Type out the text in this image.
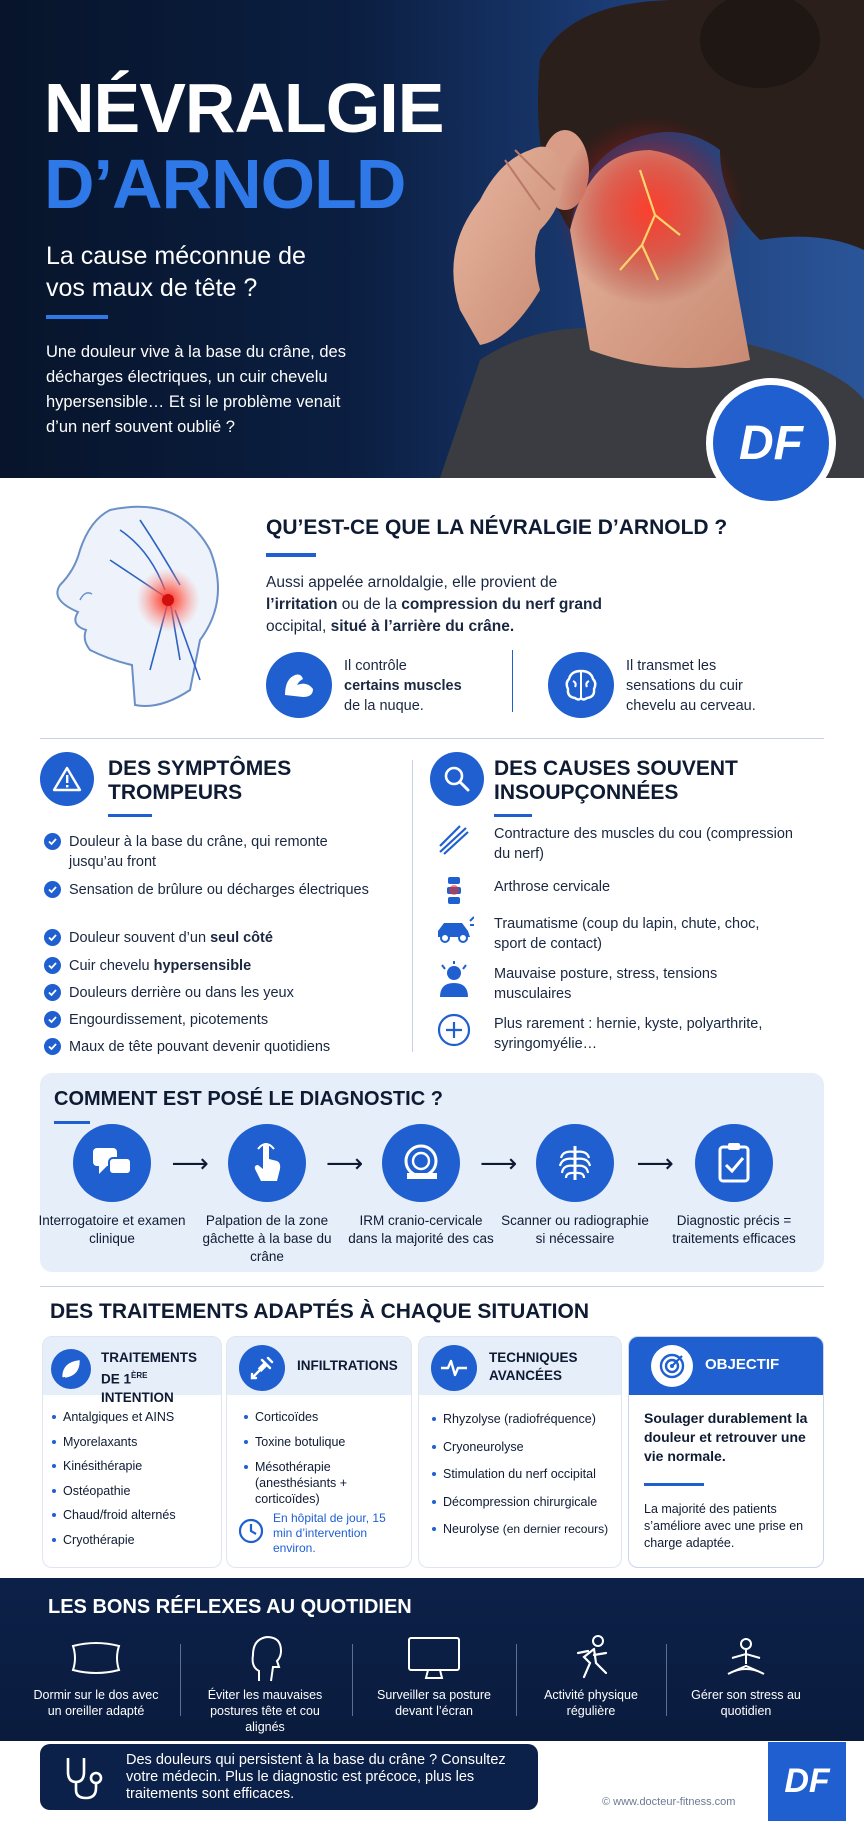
NÉVRALGIE
D’ARNOLD
La cause méconnue de vos maux de tête ?
Une douleur vive à la base du crâne, des décharges électriques, un cuir chevelu hypersensible… Et si le problème venait d’un nerf souvent oublié ?	DF
QU’EST-CE QUE LA NÉVRALGIE D’ARNOLD ?
Aussi appelée arnoldalgie, elle provient de l’irritation ou de la compression du nerf grand occipital, situé à l’arrière du crâne.
Il contrôle
certains muscles
de la nuque.
Il transmet les sensations du cuir chevelu au cerveau.
DES SYMPTÔMES
TROMPEURS
Douleur à la base du crâne, qui remonte jusqu’au front
Sensation de brûlure ou décharges électriques
Douleur souvent d’un seul côté
Cuir chevelu hypersensible
Douleurs derrière ou dans les yeux
Engourdissement, picotements
Maux de tête pouvant devenir quotidiens
DES CAUSES SOUVENT
INSOUPÇONNÉES
Contracture des muscles du cou (compression du nerf)
Arthrose cervicale
Traumatisme (coup du lapin, chute, choc, sport de contact)
Mauvaise posture, stress, tensions musculaires
Plus rarement : hernie, kyste, polyarthrite, syringomyélie…
COMMENT EST POSÉ LE DIAGNOSTIC ?
Interrogatoire et examen clinique
⟶
Palpation de la zone gâchette à la base du crâne
⟶
IRM cranio-cervicale dans la majorité des cas
⟶
Scanner ou radiographie si nécessaire
⟶
Diagnostic précis = traitements efficaces
DES TRAITEMENTS ADAPTÉS À CHAQUE SITUATION
TRAITEMENTS
DE 1ÈRE INTENTION
Antalgiques et AINS
Myorelaxants
Kinésithérapie
Ostéopathie
Chaud/froid alternés
Cryothérapie
INFILTRATIONS
Corticoïdes
Toxine botulique
Mésothérapie
(anesthésiants + corticoïdes)
En hôpital de jour, 15 min d’intervention environ.
TECHNIQUES
AVANCÉES
Rhyzolyse (radiofréquence)
Cryoneurolyse
Stimulation du nerf occipital
Décompression chirurgicale
Neurolyse (en dernier recours)
OBJECTIF
Soulager durablement la douleur et retrouver une vie normale.
La majorité des patients s’améliore avec une prise en charge adaptée.
LES BONS RÉFLEXES AU QUOTIDIEN
Dormir sur le dos avec un oreiller adapté
Éviter les mauvaises postures tête et cou alignés
Surveiller sa posture devant l’écran
Activité physique régulière
Gérer son stress au quotidien
Des douleurs qui persistent à la base du crâne ? Consultez votre médecin. Plus le diagnostic est précoce, plus les traitements sont efficaces.	DF
© www.docteur-fitness.com
